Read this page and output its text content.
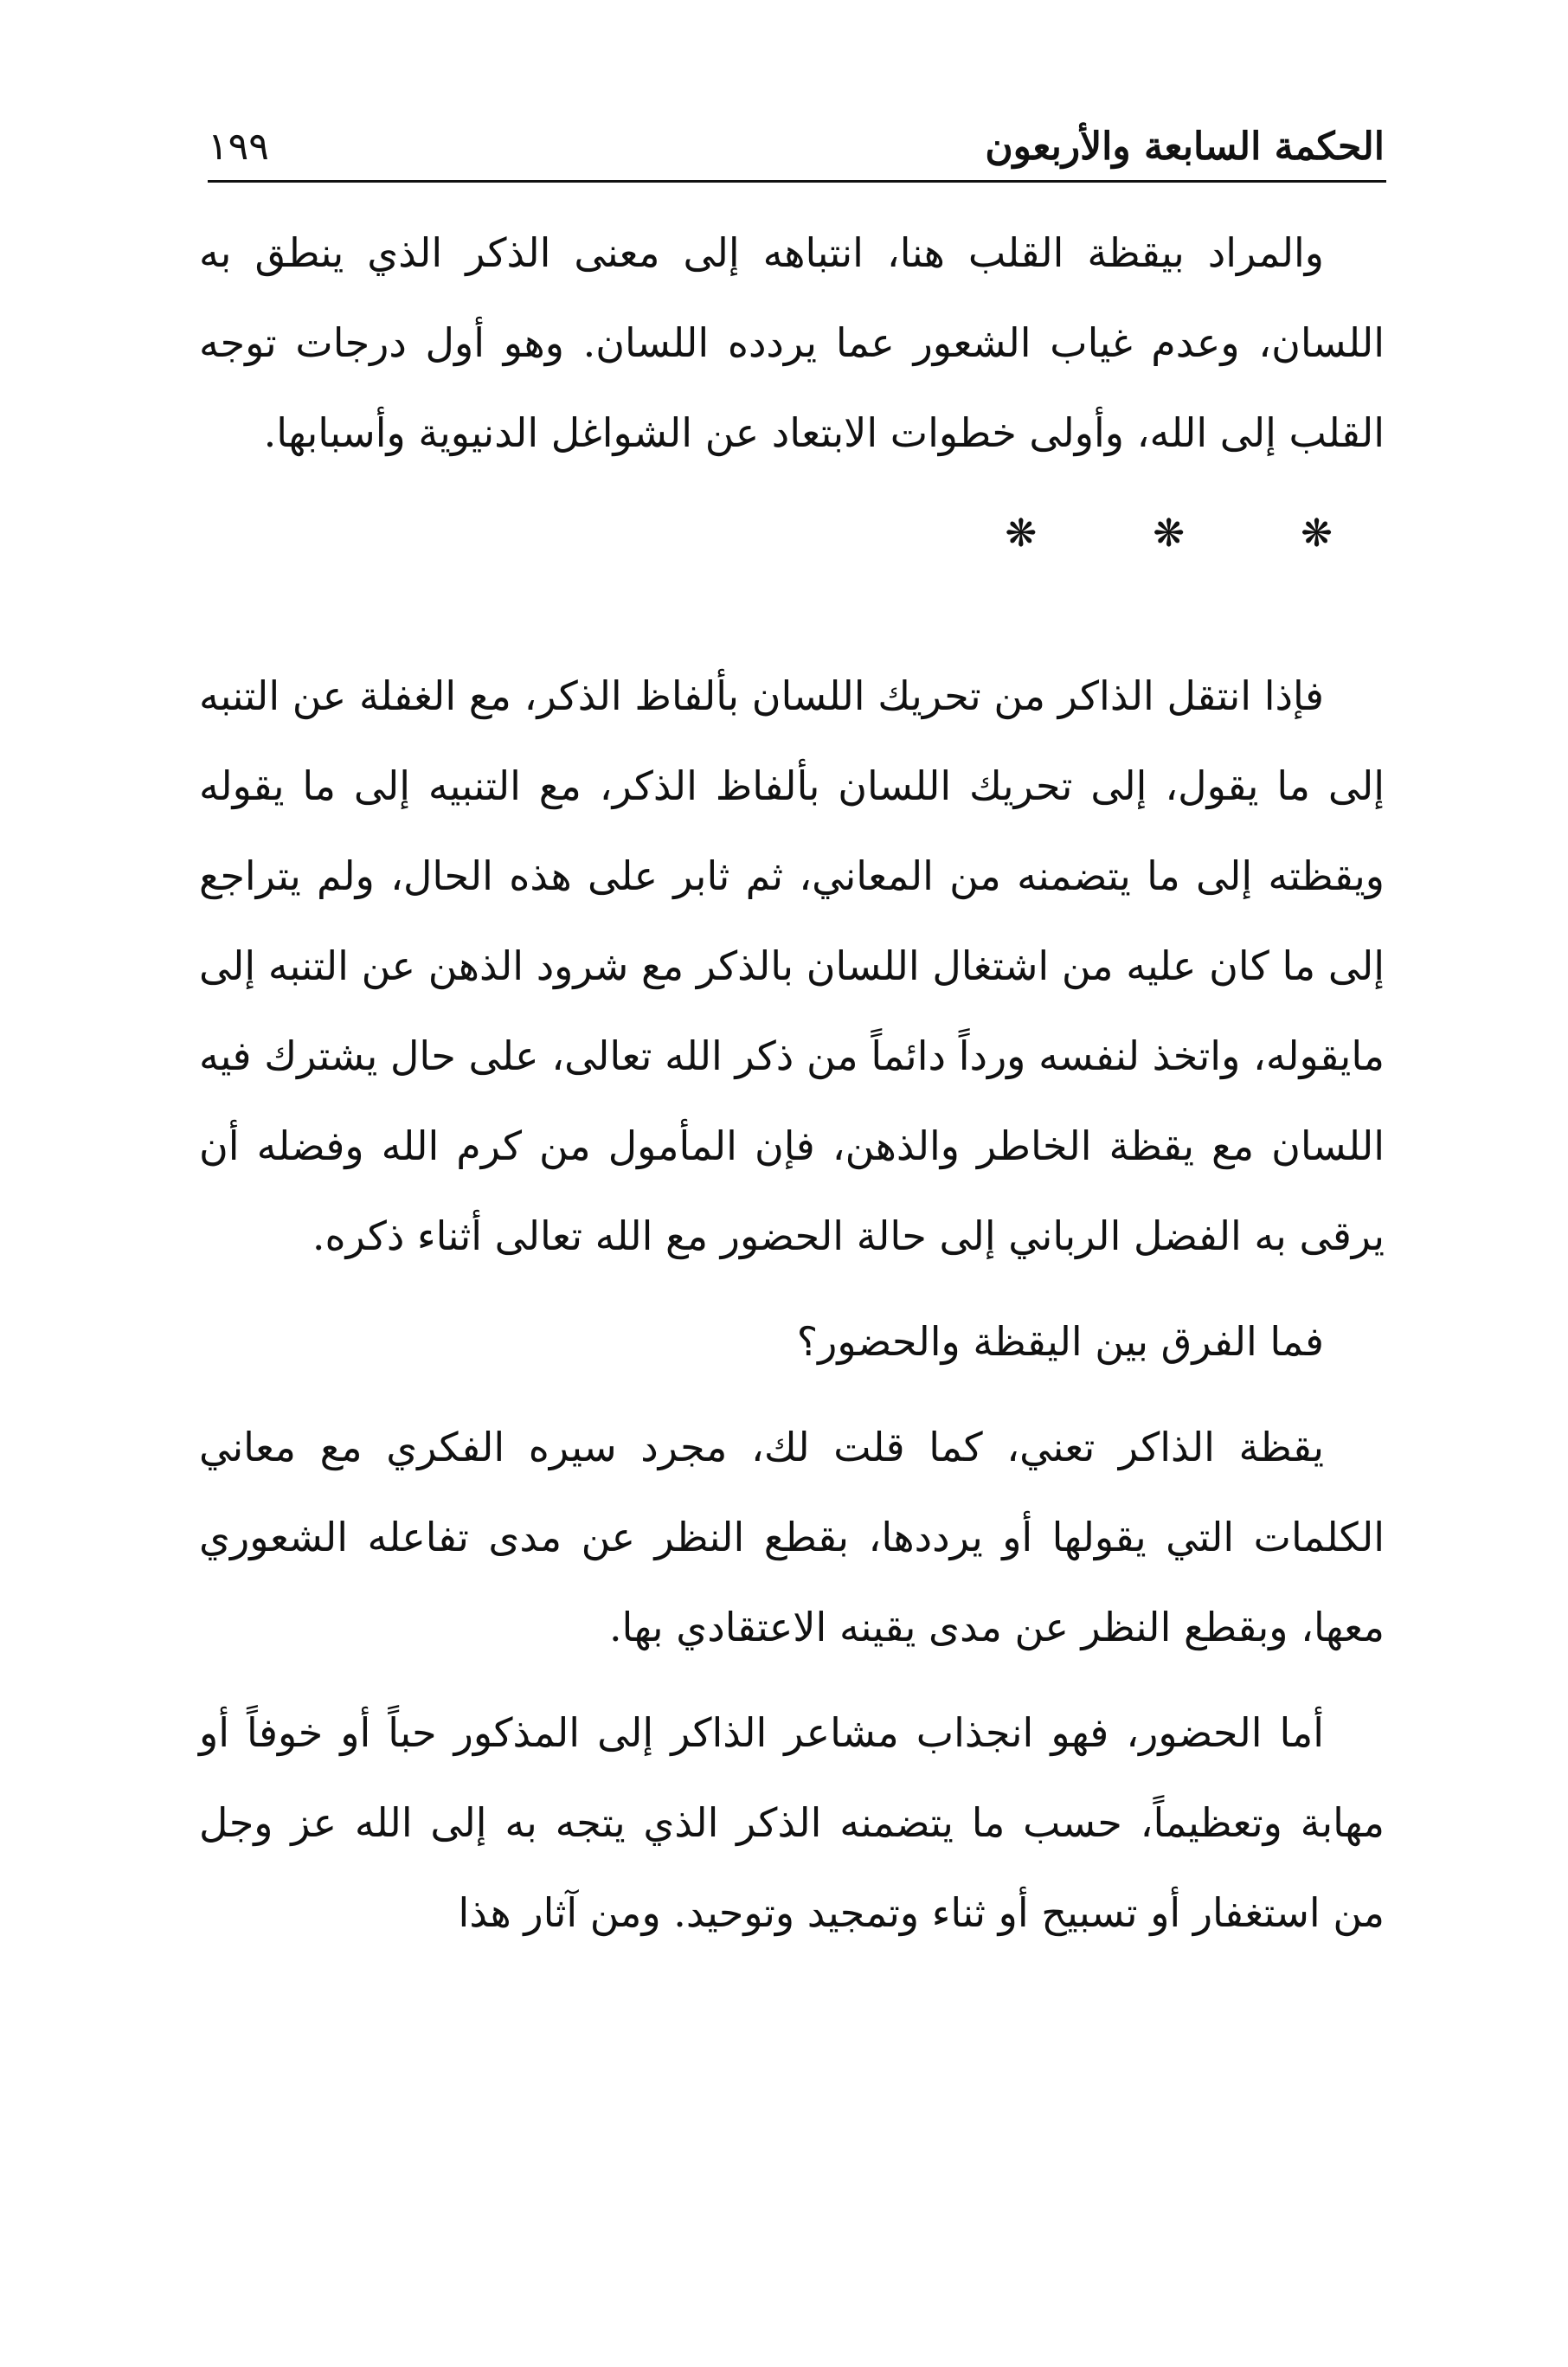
الحكمة السابعة والأربعون
١٩٩

والمراد بيقظة القلب هنا، انتباهه إلى معنى الذكر الذي ينطق به اللسان، وعدم غياب الشعور عما يردده اللسان. وهو أول درجات توجه القلب إلى الله، وأولى خطوات الابتعاد عن الشواغل الدنيوية وأسبابها.

❋	❋	❋

فإذا انتقل الذاكر من تحريك اللسان بألفاظ الذكر، مع الغفلة عن التنبه إلى ما يقول، إلى تحريك اللسان بألفاظ الذكر، مع التنبيه إلى ما يقوله ويقظته إلى ما يتضمنه من المعاني، ثم ثابر على هذه الحال، ولم يتراجع إلى ما كان عليه من اشتغال اللسان بالذكر مع شرود الذهن عن التنبه إلى مايقوله، واتخذ لنفسه ورداً دائماً من ذكر الله تعالى، على حال يشترك فيه اللسان مع يقظة الخاطر والذهن، فإن المأمول من كرم الله وفضله أن يرقى به الفضل الرباني إلى حالة الحضور مع الله تعالى أثناء ذكره.

فما الفرق بين اليقظة والحضور؟

يقظة الذاكر تعني، كما قلت لك، مجرد سيره الفكري مع معاني الكلمات التي يقولها أو يرددها، بقطع النظر عن مدى تفاعله الشعوري معها، وبقطع النظر عن مدى يقينه الاعتقادي بها.

أما الحضور، فهو انجذاب مشاعر الذاكر إلى المذكور حباً أو خوفاً أو مهابة وتعظيماً، حسب ما يتضمنه الذكر الذي يتجه به إلى الله عز وجل من استغفار أو تسبيح أو ثناء وتمجيد وتوحيد. ومن آثار هذا
